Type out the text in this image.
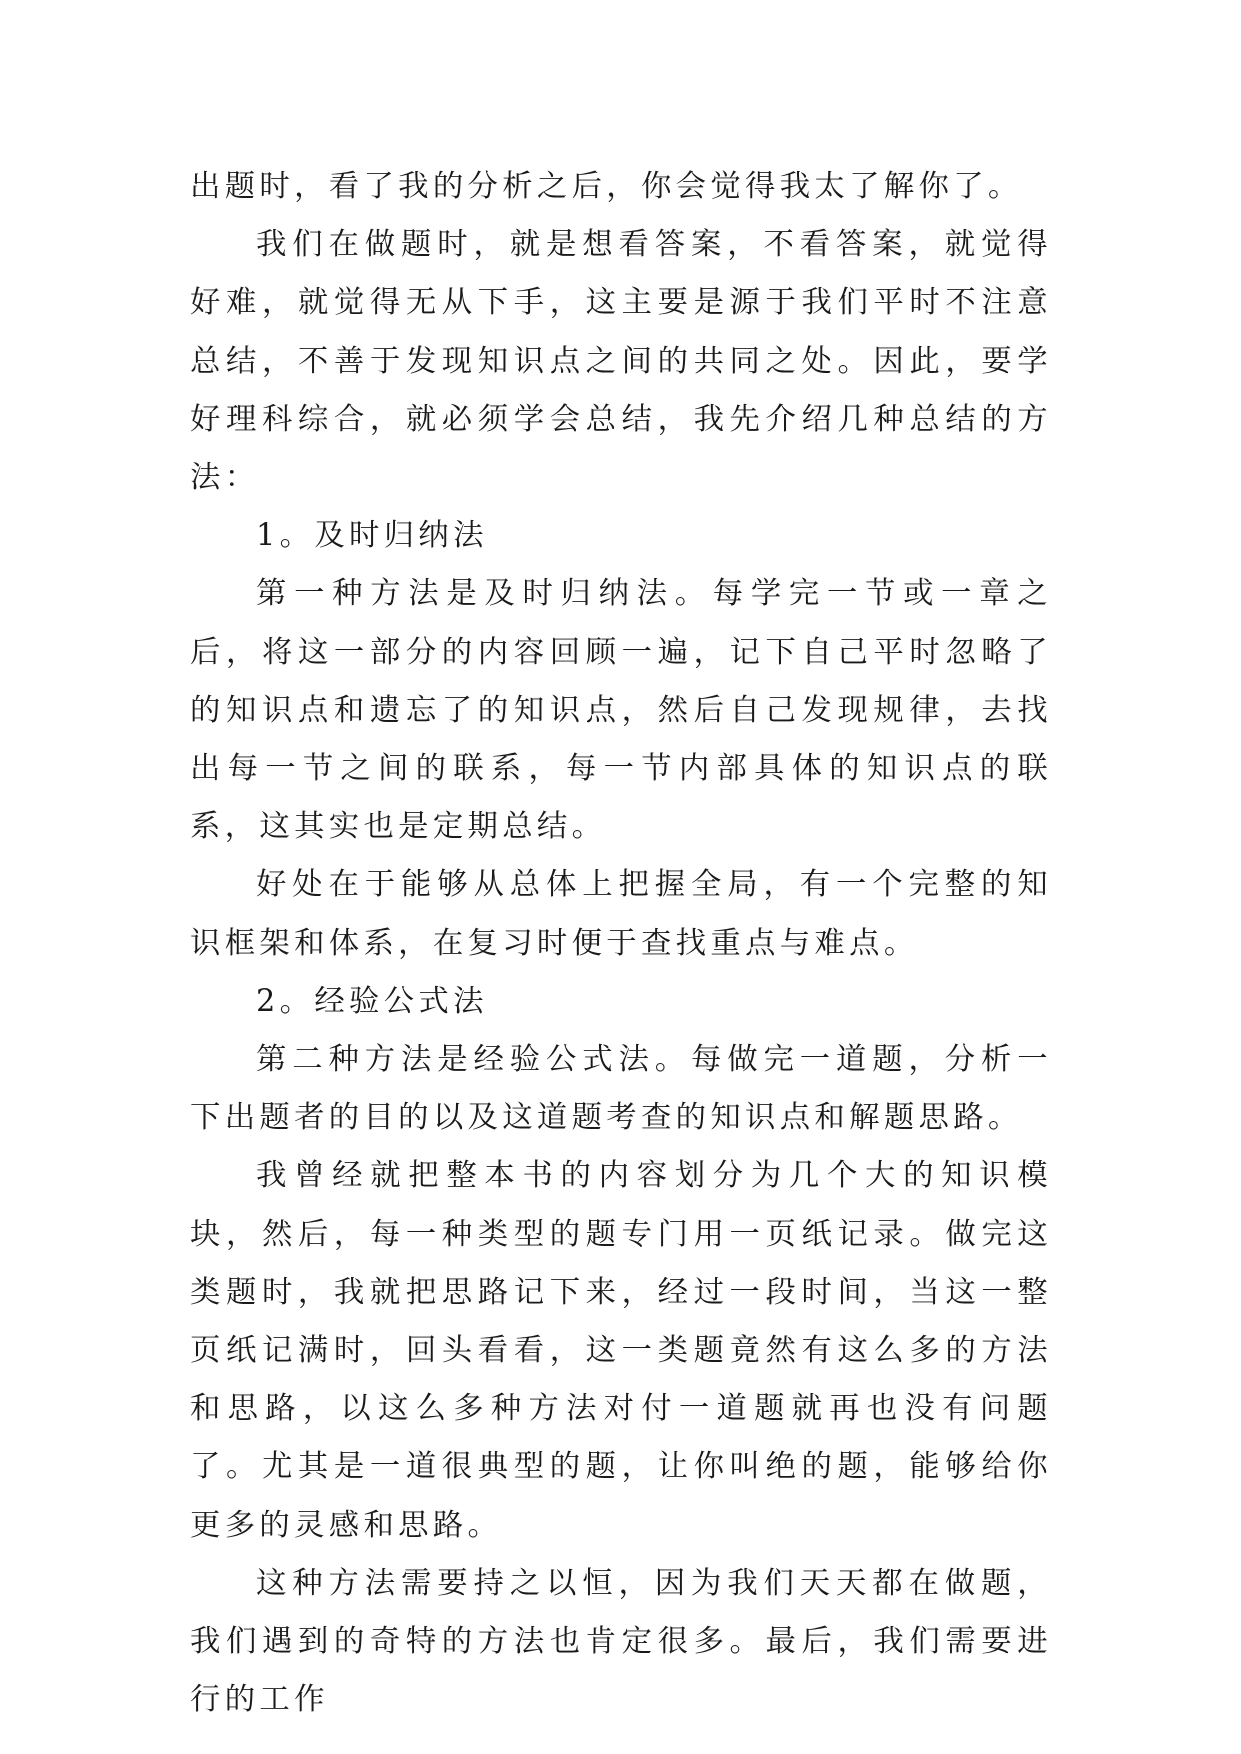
出题时，看了我的分析之后，你会觉得我太了解你了。

我们在做题时，就是想看答案，不看答案，就觉得好难，就觉得无从下手，这主要是源于我们平时不注意总结，不善于发现知识点之间的共同之处。因此，要学好理科综合，就必须学会总结，我先介绍几种总结的方法：

1。及时归纳法

第一种方法是及时归纳法。每学完一节或一章之后，将这一部分的内容回顾一遍，记下自己平时忽略了的知识点和遗忘了的知识点，然后自己发现规律，去找出每一节之间的联系，每一节内部具体的知识点的联系，这其实也是定期总结。

好处在于能够从总体上把握全局，有一个完整的知识框架和体系，在复习时便于查找重点与难点。

2。经验公式法

第二种方法是经验公式法。每做完一道题，分析一下出题者的目的以及这道题考查的知识点和解题思路。

我曾经就把整本书的内容划分为几个大的知识模块，然后，每一种类型的题专门用一页纸记录。做完这类题时，我就把思路记下来，经过一段时间，当这一整页纸记满时，回头看看，这一类题竟然有这么多的方法和思路，以这么多种方法对付一道题就再也没有问题了。尤其是一道很典型的题，让你叫绝的题，能够给你更多的灵感和思路。

这种方法需要持之以恒，因为我们天天都在做题，我们遇到的奇特的方法也肯定很多。最后，我们需要进行的工作
